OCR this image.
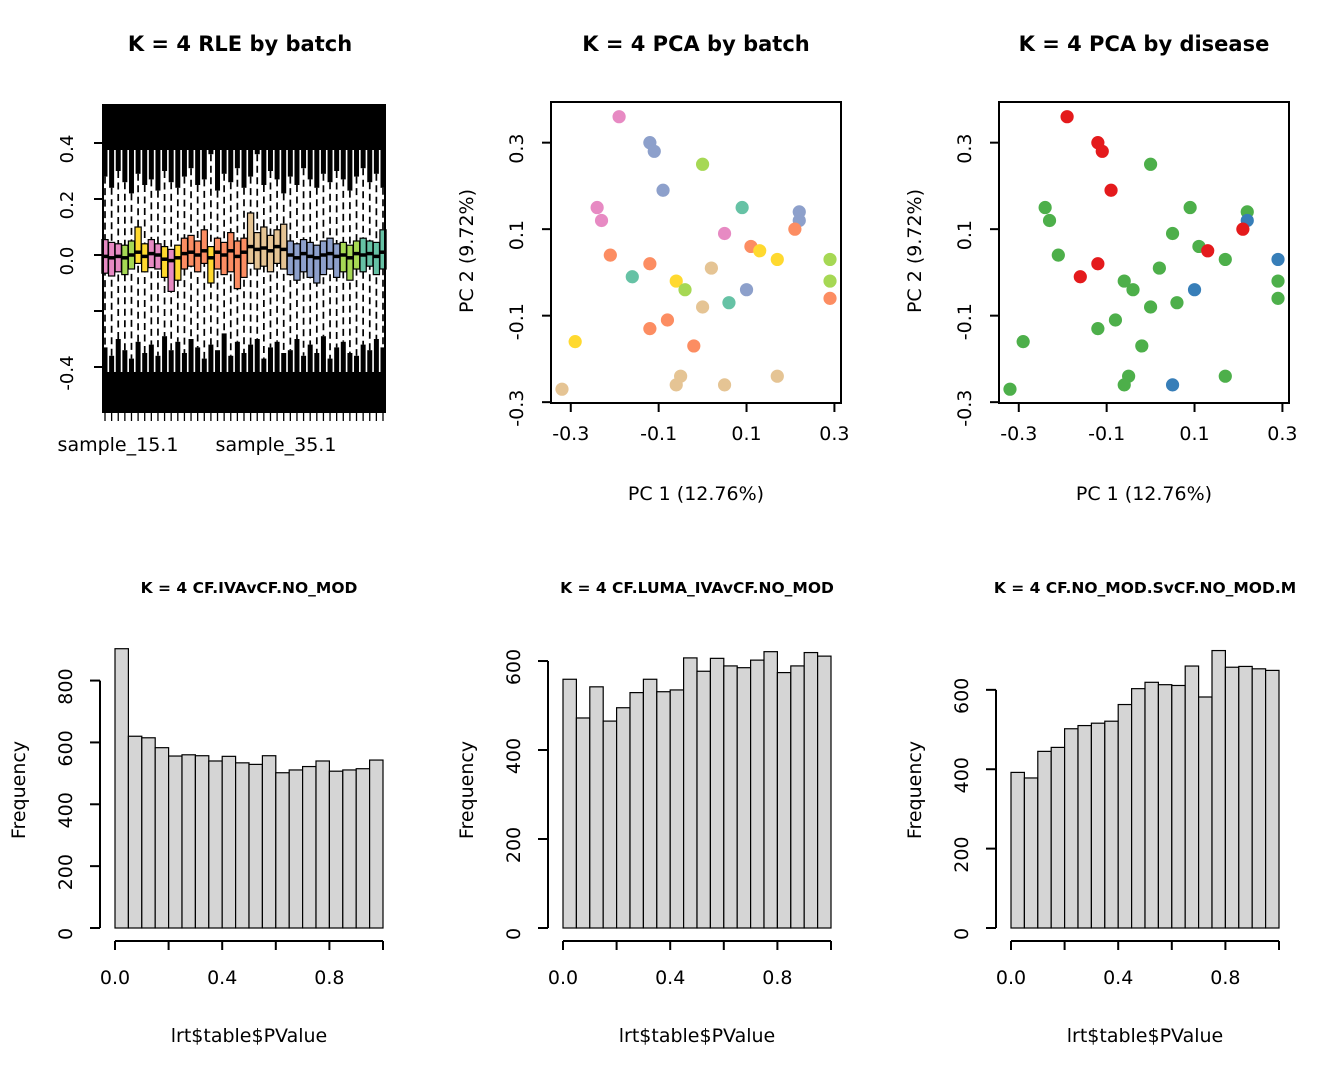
0.4
0.2
0.0
-0.4
K = 4 RLE by batch
sample_15.1	sample_35.1	-0.3	-0.1	0.1	0.3
0.3
0.1
-0.1
-0.3
K = 4 PCA by batch
PC 1 (12.76%)
PC 2 (9.72%)
-0.3	-0.1	0.1	0.3
0.3
0.1
-0.1
-0.3
K = 4 PCA by disease
PC 1 (12.76%)
PC 2 (9.72%)
0
200
400
600
800
0.0	0.4	0.8
K = 4 CF.IVAvCF.NO_MOD
lrt$table$PValue
Frequency
0
200
400
600
0.0	0.4	0.8
K = 4 CF.LUMA_IVAvCF.NO_MOD
lrt$table$PValue
Frequency
0
200
400
600
0.0	0.4	0.8
K = 4 CF.NO_MOD.SvCF.NO_MOD.M
lrt$table$PValue
Frequency
